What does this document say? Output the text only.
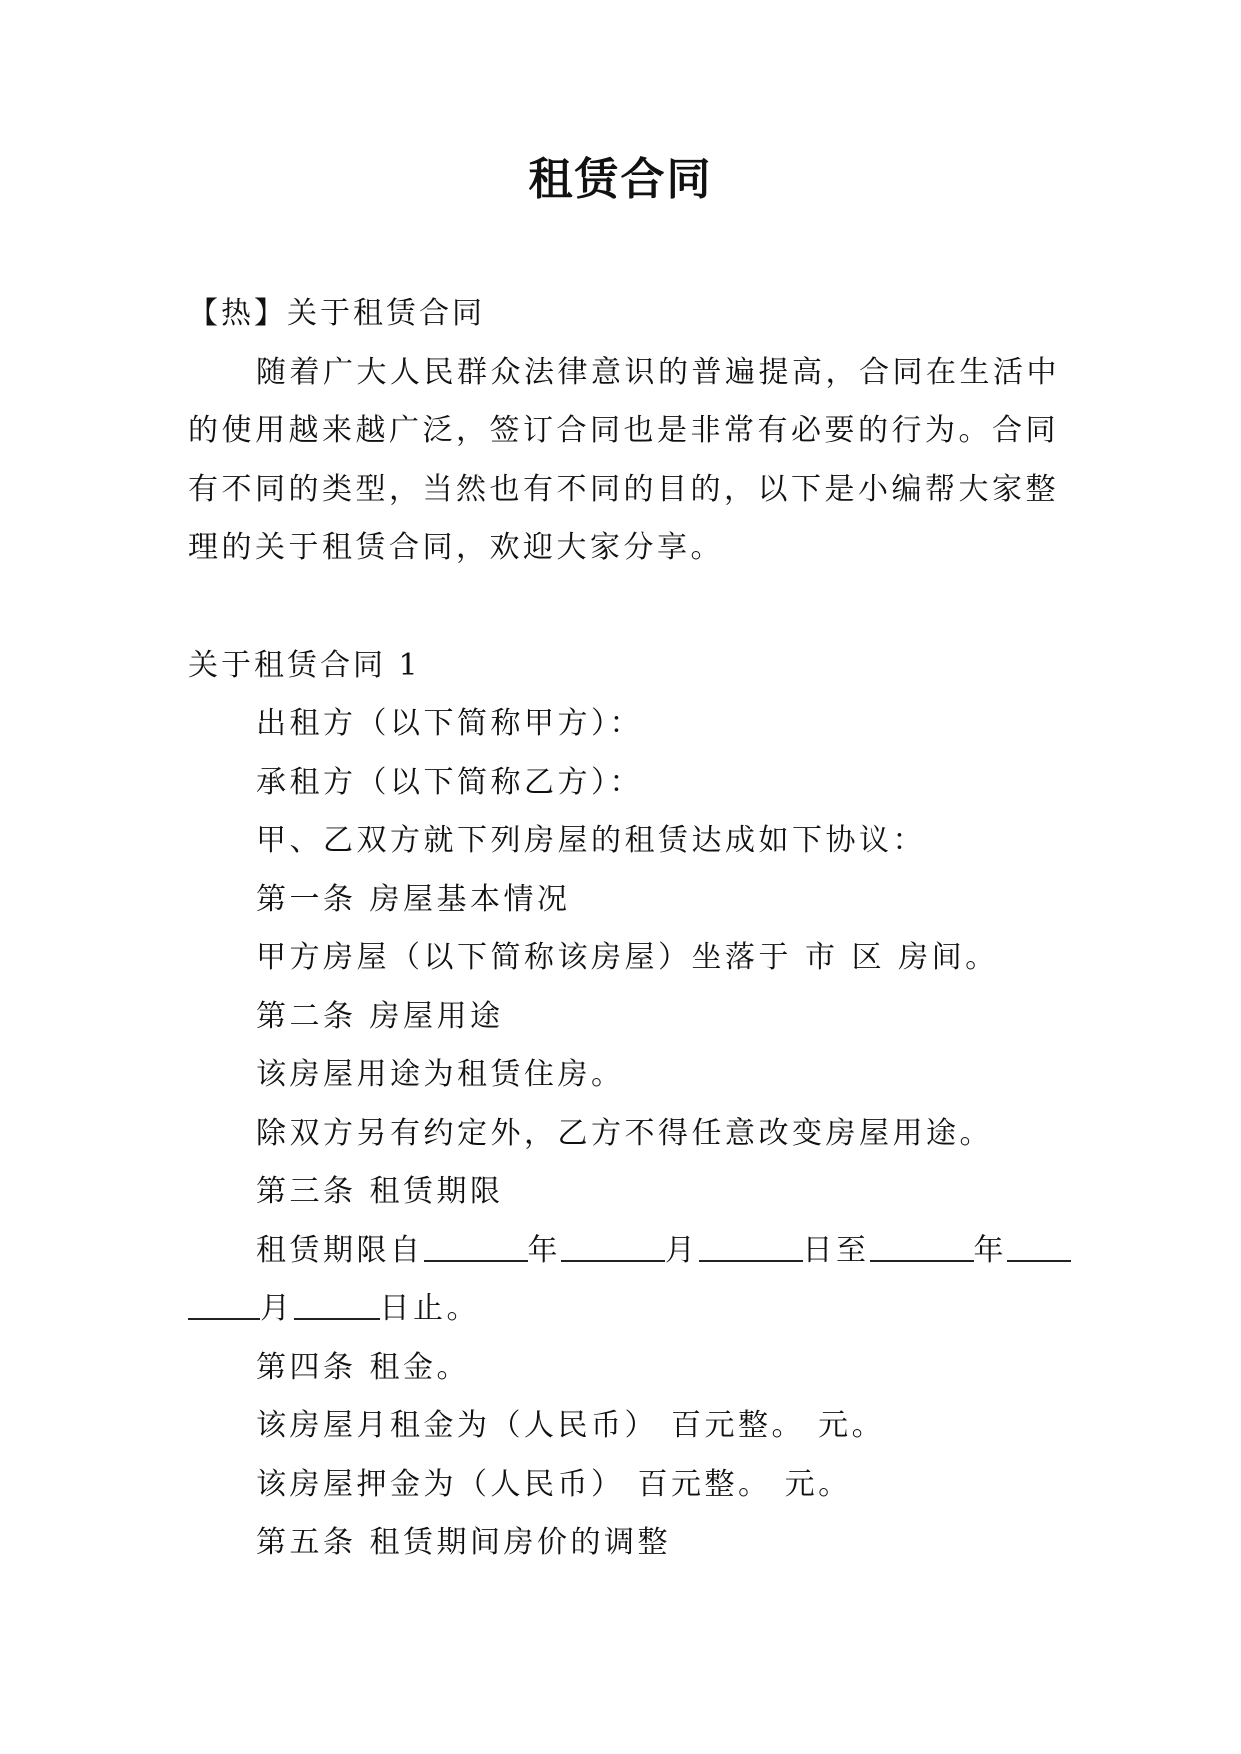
租赁合同
【热】关于租赁合同
随着广大人民群众法律意识的普遍提高，合同在生活中
的使用越来越广泛，签订合同也是非常有必要的行为。合同
有不同的类型，当然也有不同的目的，以下是小编帮大家整
理的关于租赁合同，欢迎大家分享。
关于租赁合同 1
出租方（以下简称甲方）：
承租方（以下简称乙方）：
甲、乙双方就下列房屋的租赁达成如下协议：
第一条 房屋基本情况
甲方房屋（以下简称该房屋）坐落于 市 区 房间。
第二条 房屋用途
该房屋用途为租赁住房。
除双方另有约定外，乙方不得任意改变房屋用途。
第三条 租赁期限
租赁期限自	年	月	日至	年
月	日止。
第四条 租金。
该房屋月租金为（人民币） 百元整。 元。
该房屋押金为（人民币） 百元整。 元。
第五条 租赁期间房价的调整
